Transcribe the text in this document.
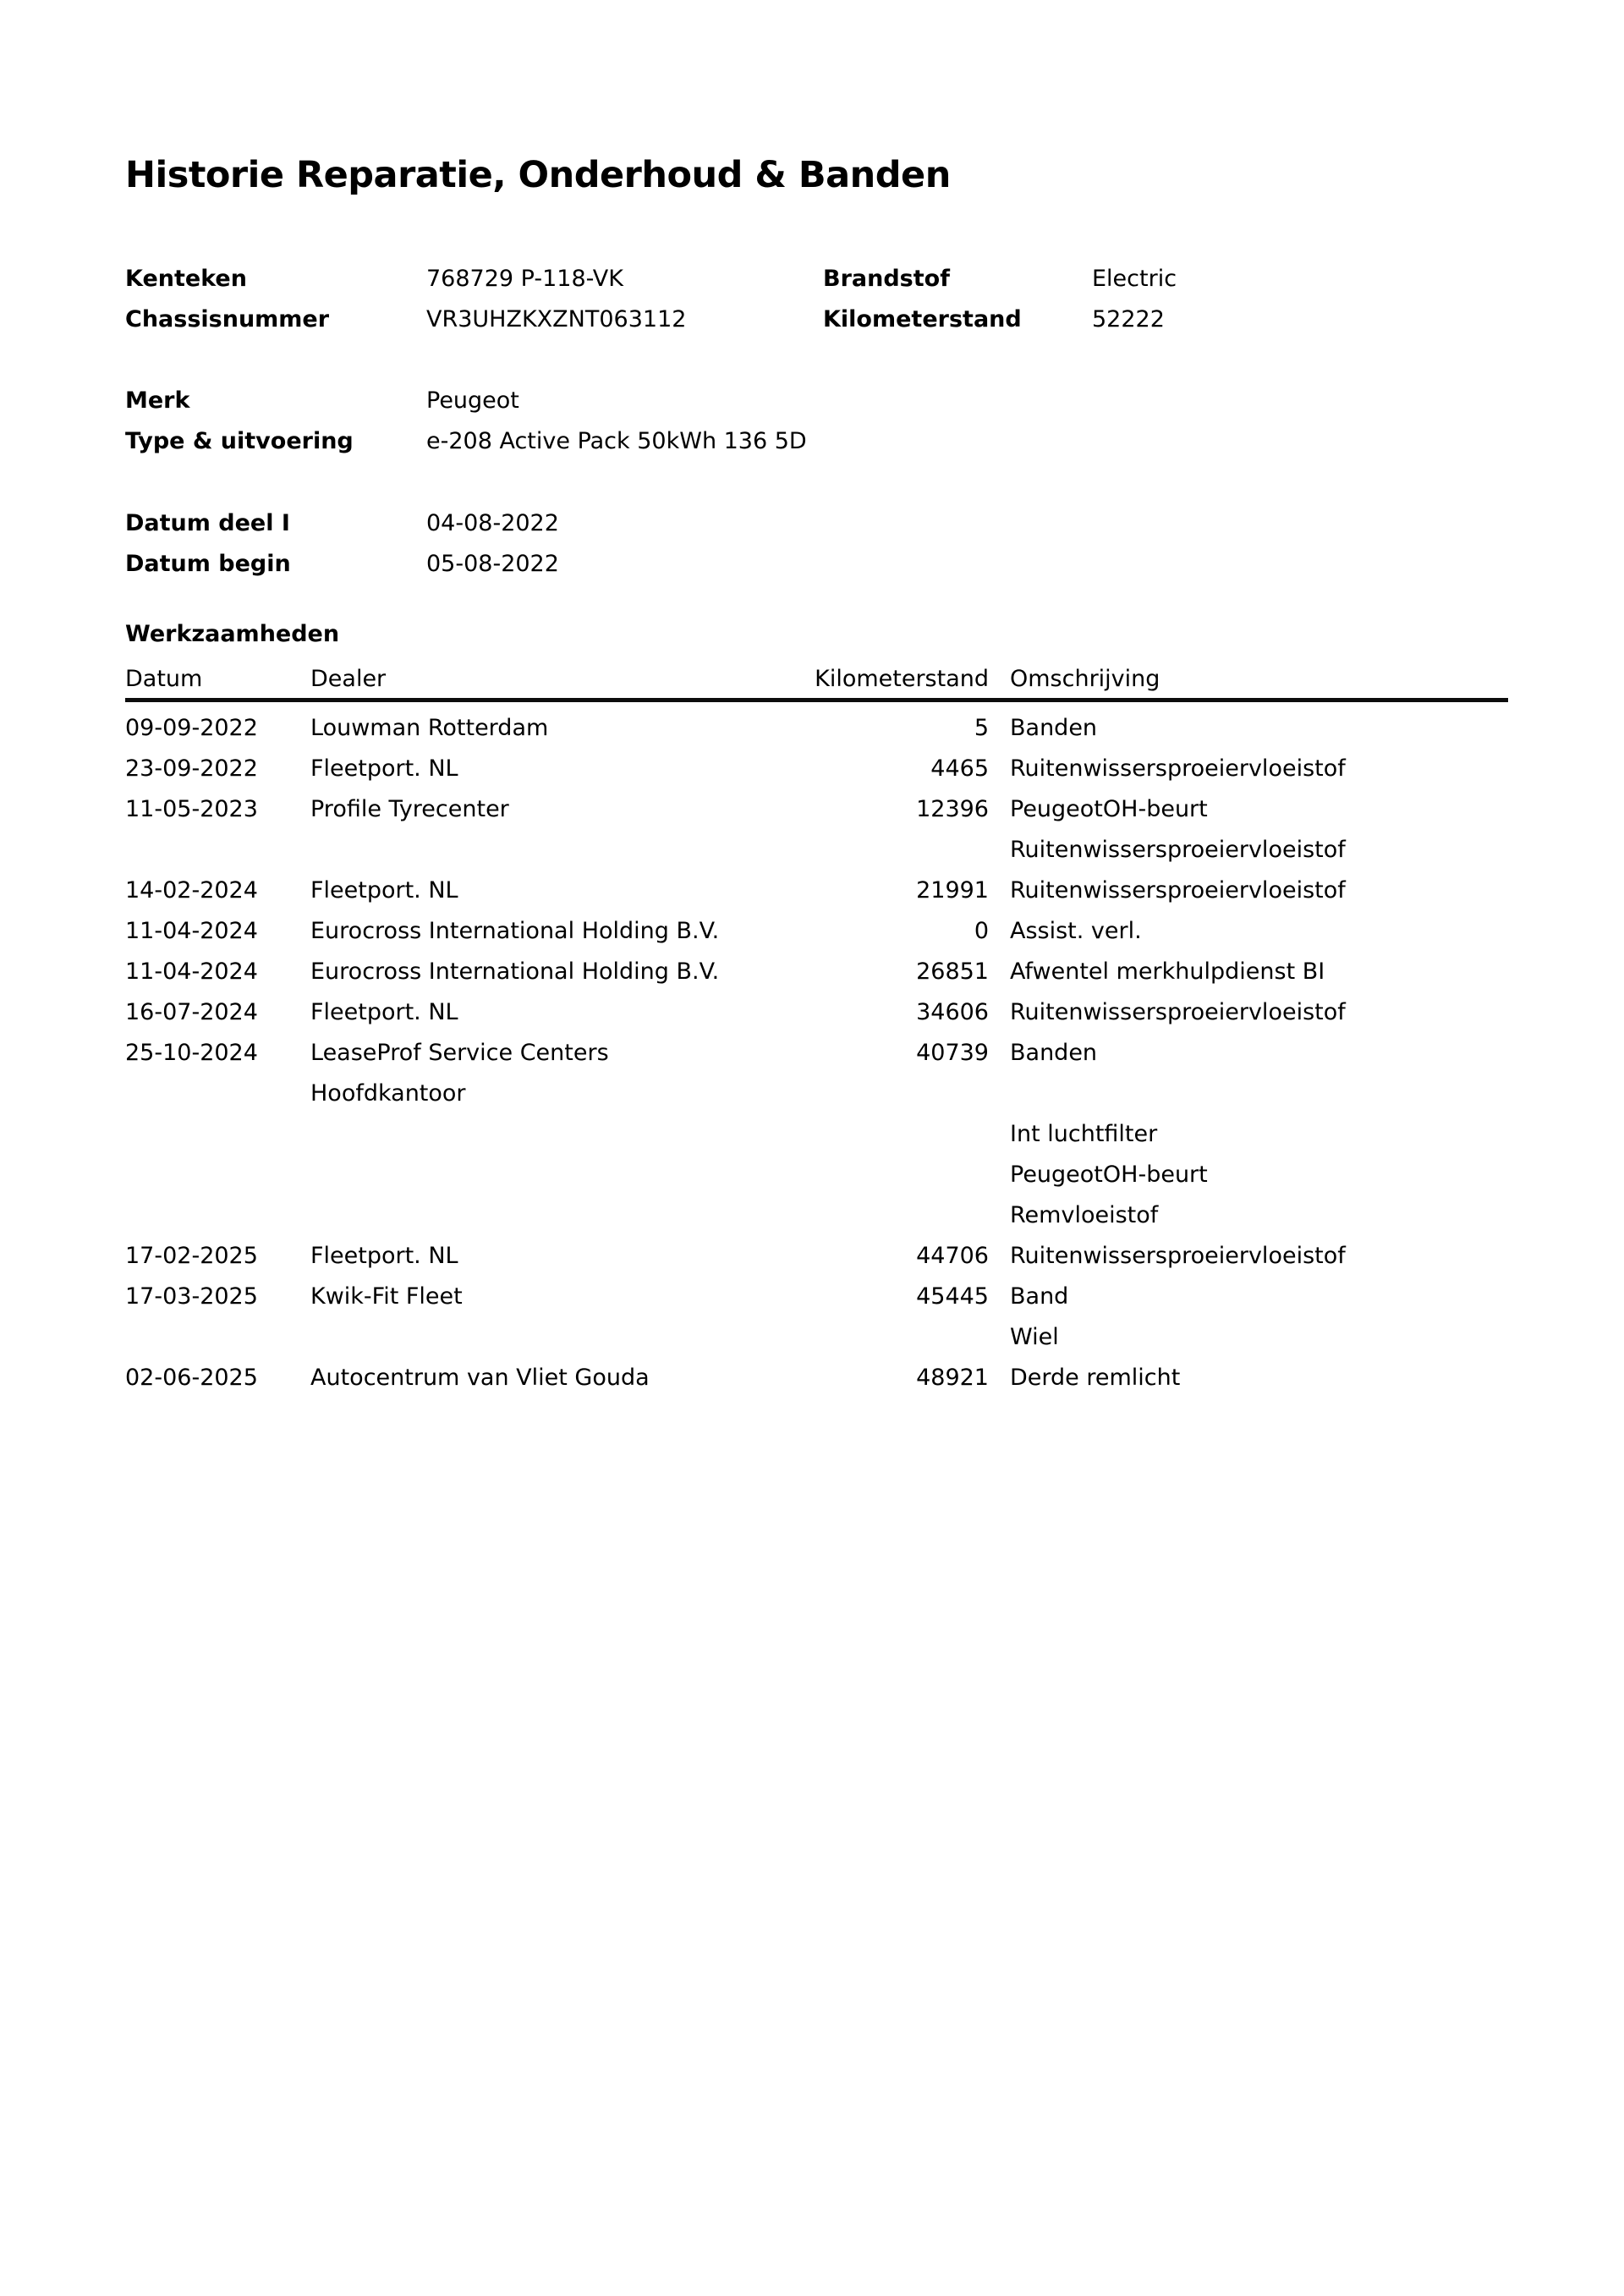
Historie Reparatie, Onderhoud & Banden
Kenteken	768729 P-118-VK	Brandstof	Electric
Chassisnummer	VR3UHZKXZNT063112	Kilometerstand	52222
Merk	Peugeot
Type & uitvoering	e-208 Active Pack 50kWh 136 5D
Datum deel I	04-08-2022
Datum begin	05-08-2022
Werkzaamheden
Datum	Dealer	Kilometerstand Omschrijving
09-09-2022	Louwman Rotterdam	5 Banden
23-09-2022	Fleetport. NL	4465 Ruitenwissersproeiervloeistof
11-05-2023	Profile Tyrecenter	12396 PeugeotOH-beurt
Ruitenwissersproeiervloeistof
14-02-2024	Fleetport. NL	21991 Ruitenwissersproeiervloeistof
11-04-2024	Eurocross International Holding B.V.	0 Assist. verl.
11-04-2024	Eurocross International Holding B.V.	26851 Afwentel merkhulpdienst BI
16-07-2024	Fleetport. NL	34606 Ruitenwissersproeiervloeistof
25-10-2024	LeaseProf Service Centers Hoofdkantoor
40739 Banden
Int luchtfilter
PeugeotOH-beurt
Remvloeistof
17-02-2025	Fleetport. NL	44706 Ruitenwissersproeiervloeistof
17-03-2025	Kwik-Fit Fleet	45445 Band
Wiel
02-06-2025	Autocentrum van Vliet Gouda	48921 Derde remlicht
